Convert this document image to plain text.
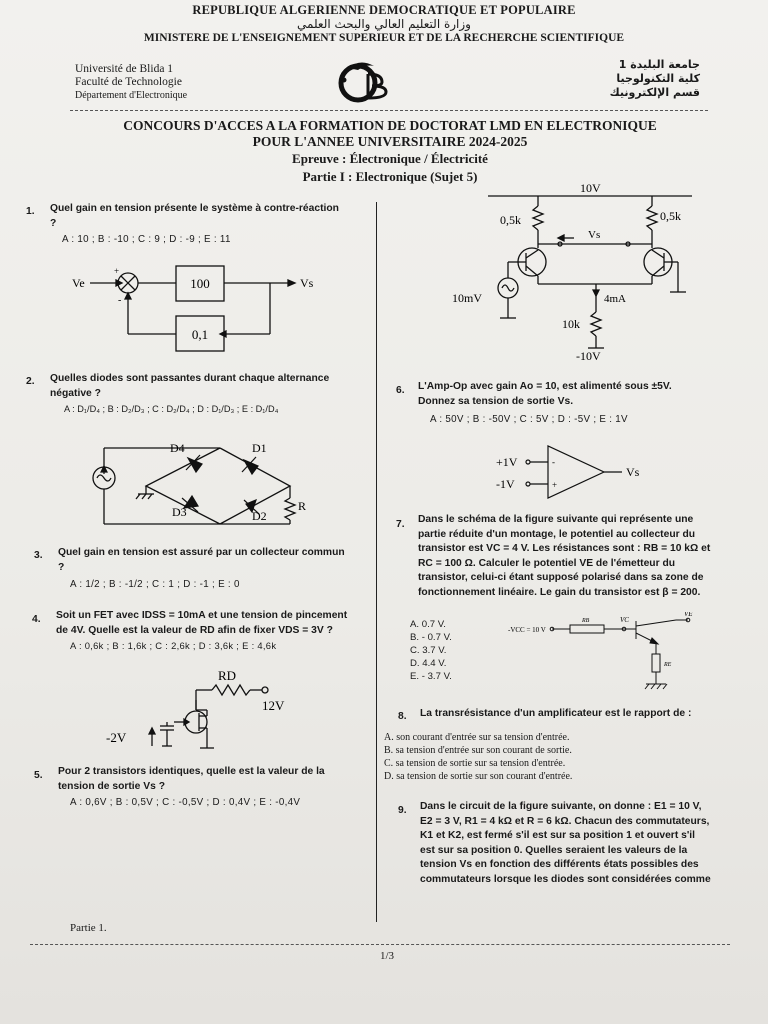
REPUBLIQUE ALGERIENNE DEMOCRATIQUE ET POPULAIRE
وزارة التعليم العالي والبحث العلمي
MINISTERE DE L'ENSEIGNEMENT SUPERIEUR ET DE LA RECHERCHE SCIENTIFIQUE
Université de Blida 1
Faculté de Technologie
Département d'Electronique
جامعة البليدة 1
كلية التكنولوجيا
قسم الإلكترونيك
CONCOURS D'ACCES A LA FORMATION DE DOCTORAT LMD EN ELECTRONIQUE
POUR L'ANNEE UNIVERSITAIRE 2024-2025
Epreuve : Électronique / Électricité
Partie I : Electronique (Sujet 5)
1. Quel gain en tension présente le système à contre-réaction
?
A : 10 ; B : -10 ; C : 9 ; D : -9 ; E : 11
Ve	Vs
100
0,1
+
-
2. Quelles diodes sont passantes durant chaque alternance
négative ?
A : D₁/D₄ ; B : D₂/D₃ ; C : D₂/D₄ ; D : D₁/D₃ ; E : D₁/D₄
D4	D1
D3	D2
R
3. Quel gain en tension est assuré par un collecteur commun
?
A : 1/2 ; B : -1/2 ; C : 1 ; D : -1 ; E : 0
4. Soit un FET avec IDSS = 10mA et une tension de pincement
de 4V. Quelle est la valeur de RD afin de fixer VDS = 3V ?
A : 0,6k ; B : 1,6k ; C : 2,6k ; D : 3,6k ; E : 4,6k
RD
12V
-2V
5. Pour 2 transistors identiques, quelle est la valeur de la
tension de sortie Vs ?
A : 0,6V ; B : 0,5V ; C : -0,5V ; D : 0,4V ; E : -0,4V
10V
0,5k	0,5k
Vs
10mV	4mA
10k
-10V
6. L'Amp-Op avec gain Ao = 10, est alimenté sous ±5V.
Donnez sa tension de sortie Vs.
A : 50V ; B : -50V ; C : 5V ; D : -5V ; E : 1V
+1V
-1V
-
+
Vs
7. Dans le schéma de la figure suivante qui représente une
partie réduite d'un montage, le potentiel au collecteur du
transistor est VC = 4 V. Les résistances sont : RB = 10 kΩ et
RC = 100 Ω. Calculer le potentiel VE de l'émetteur du
transistor, celui-ci étant supposé polarisé dans sa zone de
fonctionnement linéaire. Le gain du transistor est β = 200.
A. 0.7 V.
B. - 0.7 V.
C. 3.7 V.
D. 4.4 V.
E. - 3.7 V.
-VCC = 10 V
RB	VC
VE
RE
8. La transrésistance d'un amplificateur est le rapport de :
A. son courant d'entrée sur sa tension d'entrée.
B. sa tension d'entrée sur son courant de sortie.
C. sa tension de sortie sur sa tension d'entrée.
D. sa tension de sortie sur son courant d'entrée.
9. Dans le circuit de la figure suivante, on donne : E1 = 10 V,
E2 = 3 V, R1 = 4 kΩ et R = 6 kΩ. Chacun des commutateurs,
K1 et K2, est fermé s'il est sur sa position 1 et ouvert s'il
est sur sa position 0. Quelles seraient les valeurs de la
tension Vs en fonction des différents états possibles des
commutateurs lorsque les diodes sont considérées comme
Partie 1.
1/3
